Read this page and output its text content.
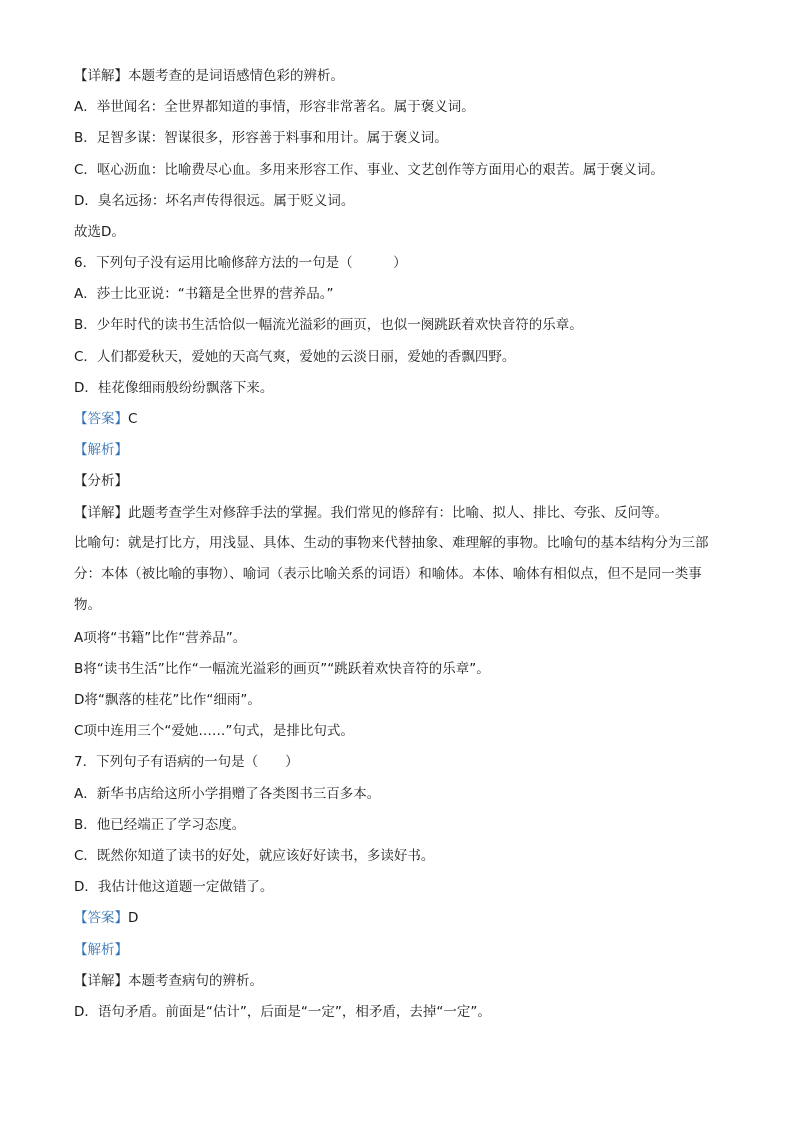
【详解】本题考查的是词语感情色彩的辨析。
A．举世闻名：全世界都知道的事情，形容非常著名。属于褒义词。
B．足智多谋：智谋很多，形容善于料事和用计。属于褒义词。
C．呕心沥血：比喻费尽心血。多用来形容工作、事业、文艺创作等方面用心的艰苦。属于褒义词。
D．臭名远扬：坏名声传得很远。属于贬义词。
故选D。
6．下列句子没有运用比喻修辞方法的一句是（　　　）
A．莎士比亚说：“书籍是全世界的营养品。”
B．少年时代的读书生活恰似一幅流光溢彩的画页，也似一阕跳跃着欢快音符的乐章。
C．人们都爱秋天，爱她的天高气爽，爱她的云淡日丽，爱她的香飘四野。
D．桂花像细雨般纷纷飘落下来。
【答案】C
【解析】
【分析】
【详解】此题考查学生对修辞手法的掌握。我们常见的修辞有：比喻、拟人、排比、夸张、反问等。
比喻句：就是打比方，用浅显、具体、生动的事物来代替抽象、难理解的事物。比喻句的基本结构分为三部分：本体（被比喻的事物）、喻词（表示比喻关系的词语）和喻体。本体、喻体有相似点，但不是同一类事物。
A项将“书籍”比作“营养品”。
B将“读书生活”比作“一幅流光溢彩的画页”“跳跃着欢快音符的乐章”。
D将“飘落的桂花”比作“细雨”。
C项中连用三个“爱她……”句式，是排比句式。
7．下列句子有语病的一句是（　　）
A．新华书店给这所小学捐赠了各类图书三百多本。
B．他已经端正了学习态度。
C．既然你知道了读书的好处，就应该好好读书，多读好书。
D．我估计他这道题一定做错了。
【答案】D
【解析】
【详解】本题考查病句的辨析。
D．语句矛盾。前面是“估计”，后面是“一定”，相矛盾，去掉“一定”。
